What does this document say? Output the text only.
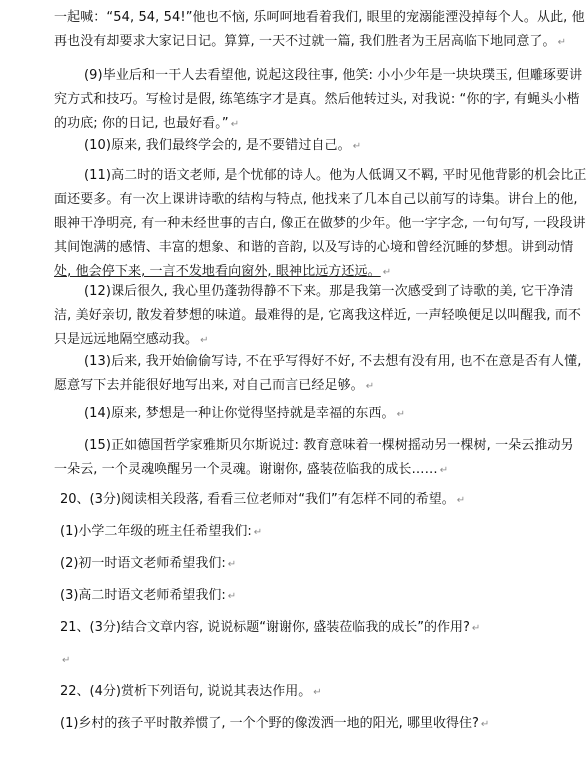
一起喊：“54, 54, 54!”他也不恼, 乐呵呵地看着我们, 眼里的宠溺能湮没掉每个人。从此, 他
再也没有却要求大家记日记。算算, 一天不过就一篇, 我们胜者为王居高临下地同意了。 ↵
(9)毕业后和一干人去看望他, 说起这段往事, 他笑: 小小少年是一块块璞玉, 但雕琢要讲
究方式和技巧。写检讨是假, 练笔练字才是真。然后他转过头, 对我说: “你的字, 有蝇头小楷
的功底; 你的日记, 也最好看。” ↵
(10)原来, 我们最终学会的, 是不要错过自己。 ↵
(11)高二时的语文老师, 是个忧郁的诗人。他为人低调又不羁, 平时见他背影的机会比正
面还要多。有一次上课讲诗歌的结构与特点, 他找来了几本自己以前写的诗集。讲台上的他,
眼神干净明亮, 有一种未经世事的吉白, 像正在做梦的少年。他一字字念, 一句句写, 一段段讲
其间饱满的感情、丰富的想象、和谐的音韵, 以及写诗的心境和曾经沉睡的梦想。讲到动情
处, 他会停下来, 一言不发地看向窗外, 眼神比远方还远。 ↵
(12)课后很久, 我心里仍蓬勃得静不下来。那是我第一次感受到了诗歌的美, 它干净清
洁, 美好亲切, 散发着梦想的味道。最难得的是, 它离我这样近, 一声轻唤便足以叫醒我, 而不
只是远远地隔空感动我。 ↵
(13)后来, 我开始偷偷写诗, 不在乎写得好不好, 不去想有没有用, 也不在意是否有人懂,
愿意写下去并能很好地写出来, 对自己而言已经足够。 ↵
(14)原来, 梦想是一种让你觉得坚持就是幸福的东西。 ↵
(15)正如德国哲学家雅斯贝尔斯说过: 教育意味着一棵树摇动另一棵树, 一朵云推动另
一朵云, 一个灵魂唤醒另一个灵魂。谢谢你, 盛装莅临我的成长…… ↵
20、(3分)阅读相关段落, 看看三位老师对“我们”有怎样不同的希望。 ↵
(1)小学二年级的班主任希望我们: ↵
(2)初一时语文老师希望我们: ↵
(3)高二时语文老师希望我们: ↵
21、(3分)结合文章内容, 说说标题“谢谢你, 盛装莅临我的成长”的作用? ↵
↵
22、(4分)赏析下列语句, 说说其表达作用。 ↵
(1)乡村的孩子平时散养惯了, 一个个野的像泼洒一地的阳光, 哪里收得住? ↵
